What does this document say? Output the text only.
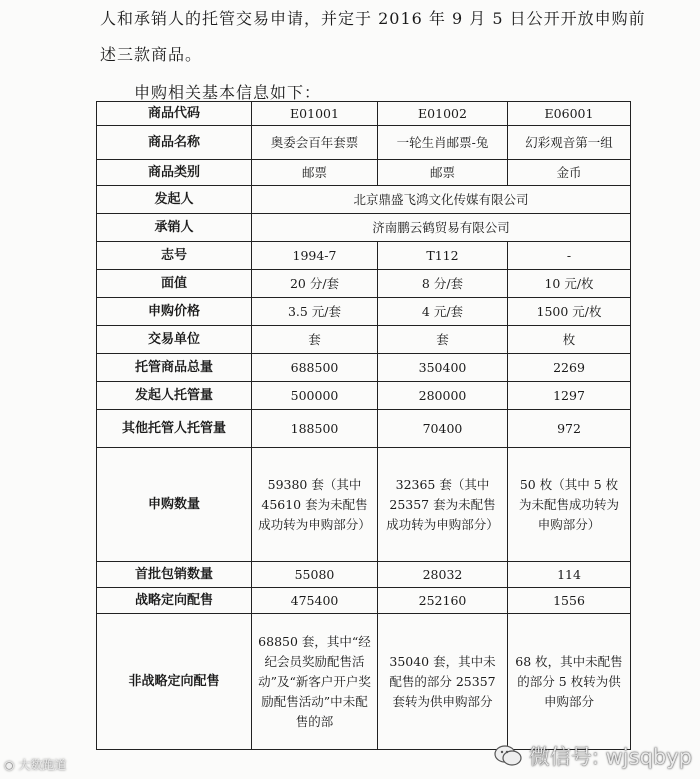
人和承销人的托管交易申请，并定于 2016 年 9 月 5 日公开开放申购前
述三款商品。
申购相关基本信息如下：
商品代码	E01001	E01002	E06001
商品名称	奥委会百年套票	一轮生肖邮票-兔	幻彩观音第一组
商品类别	邮票	邮票	金币
发起人	北京鼎盛飞鸿文化传媒有限公司		
承销人	济南鹏云鹤贸易有限公司		
志号	1994-7	T112	-
面值	20 分/套	8 分/套	10 元/枚
申购价格	3.5 元/套	4 元/套	1500 元/枚
交易单位	套	套	枚
托管商品总量	688500	350400	2269
发起人托管量	500000	280000	1297
其他托管人托管量	188500	70400	972
申购数量	59380 套（其中 45610 套为未配售成功转为申购部分）	32365 套（其中 25357 套为未配售成功转为申购部分）	50 枚（其中 5 枚为未配售成功转为申购部分）
首批包销数量	55080	28032	114
战略定向配售	475400	252160	1556
非战略定向配售	68850 套，其中“经纪会员奖励配售活动”及“新客户开户奖励配售活动”中未配售的部	35040 套，其中未配售的部分 25357 套转为供申购部分	68 枚，其中未配售的部分 5 枚转为供申购部分
◉ 大数跑道	微信号: wjsqbyp
